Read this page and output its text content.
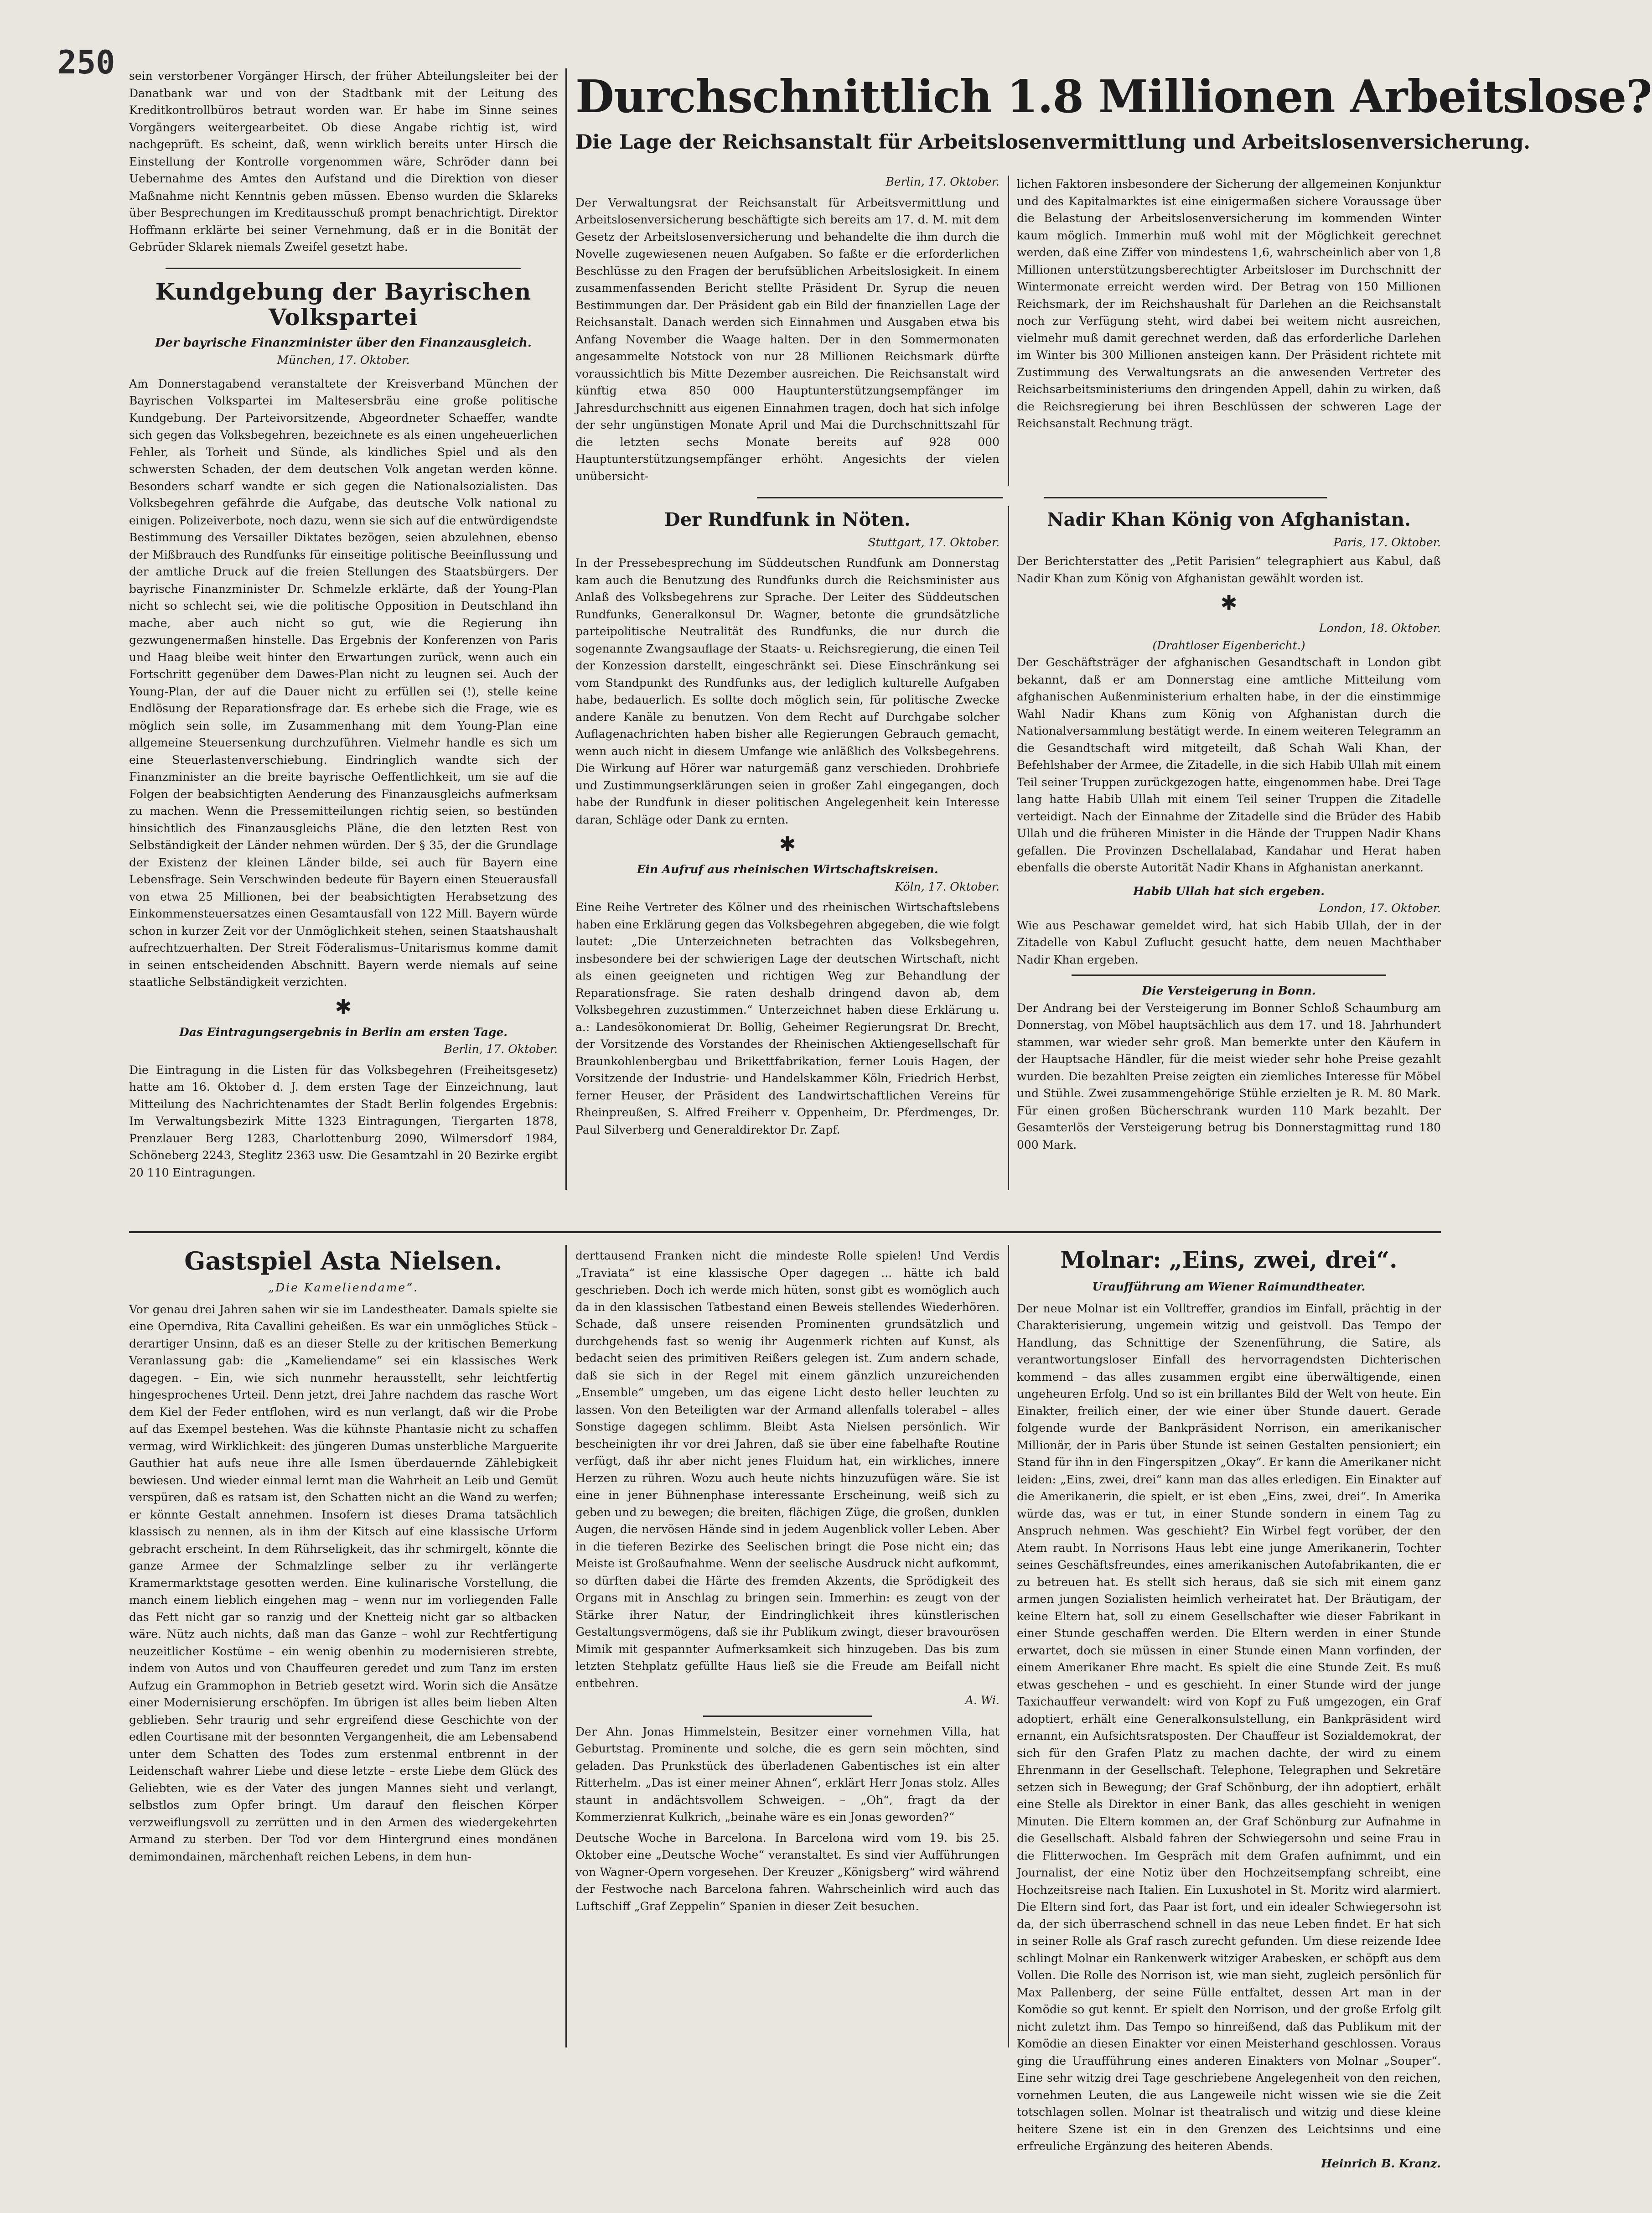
250 sein verstorbener Vorgänger Hirsch, der früher Abteilungsleiter bei der Danatbank war und von der Stadtbank mit der Leitung des Kreditkontrollbüros betraut worden war. Er habe im Sinne seines Vorgängers weitergearbeitet. Ob diese Angabe richtig ist, wird nachgeprüft. Es scheint, daß, wenn wirklich bereits unter Hirsch die Einstellung der Kontrolle vorgenommen wäre, Schröder dann bei Uebernahme des Amtes den Aufstand und die Direktion von dieser Maßnahme nicht Kenntnis geben müssen. Ebenso wurden die Sklareks über Besprechungen im Kreditausschuß prompt benachrichtigt. Direktor Hoffmann erklärte bei seiner Vernehmung, daß er in die Bonität der Gebrüder Sklarek niemals Zweifel gesetzt habe.
Kundgebung der Bayrischen Volkspartei
Der bayrische Finanzminister über den Finanzausgleich.
München, 17. Oktober.
Am Donnerstagabend veranstaltete der Kreisverband München der Bayrischen Volkspartei im Maltesersbräu eine große politische Kundgebung. Der Parteivorsitzende, Abgeordneter Schaeffer, wandte sich gegen das Volksbegehren, bezeichnete es als einen ungeheuerlichen Fehler, als Torheit und Sünde, als kindliches Spiel und als den schwersten Schaden, der dem deutschen Volk angetan werden könne. Besonders scharf wandte er sich gegen die Nationalsozialisten. Das Volksbegehren gefährde die Aufgabe, das deutsche Volk national zu einigen. Polizeiverbote, noch dazu, wenn sie sich auf die entwürdigendste Bestimmung des Versailler Diktates bezögen, seien abzulehnen, ebenso der Mißbrauch des Rundfunks für einseitige politische Beeinflussung und der amtliche Druck auf die freien Stellungen des Staatsbürgers. Der bayrische Finanzminister Dr. Schmelzle erklärte, daß der Young-Plan nicht so schlecht sei, wie die politische Opposition in Deutschland ihn mache, aber auch nicht so gut, wie die Regierung ihn gezwungenermaßen hinstelle. Das Ergebnis der Konferenzen von Paris und Haag bleibe weit hinter den Erwartungen zurück, wenn auch ein Fortschritt gegenüber dem Dawes-Plan nicht zu leugnen sei. Auch der Young-Plan, der auf die Dauer nicht zu erfüllen sei (!), stelle keine Endlösung der Reparationsfrage dar. Es erhebe sich die Frage, wie es möglich sein solle, im Zusammenhang mit dem Young-Plan eine allgemeine Steuersenkung durchzuführen. Vielmehr handle es sich um eine Steuerlastenverschiebung. Eindringlich wandte sich der Finanzminister an die breite bayrische Oeffentlichkeit, um sie auf die Folgen der beabsichtigten Aenderung des Finanzausgleichs aufmerksam zu machen. Wenn die Pressemitteilungen richtig seien, so bestünden hinsichtlich des Finanzausgleichs Pläne, die den letzten Rest von Selbständigkeit der Länder nehmen würden. Der § 35, der die Grundlage der Existenz der kleinen Länder bilde, sei auch für Bayern eine Lebensfrage. Sein Verschwinden bedeute für Bayern einen Steuerausfall von etwa 25 Millionen, bei der beabsichtigten Herabsetzung des Einkommensteuersatzes einen Gesamtausfall von 122 Mill. Bayern würde schon in kurzer Zeit vor der Unmöglichkeit stehen, seinen Staatshaushalt aufrechtzuerhalten. Der Streit Föderalismus–Unitarismus komme damit in seinen entscheidenden Abschnitt. Bayern werde niemals auf seine staatliche Selbständigkeit verzichten.
✱
Das Eintragungsergebnis in Berlin am ersten Tage.
Berlin, 17. Oktober.
Die Eintragung in die Listen für das Volksbegehren (Freiheitsgesetz) hatte am 16. Oktober d. J. dem ersten Tage der Einzeichnung, laut Mitteilung des Nachrichtenamtes der Stadt Berlin folgendes Ergebnis: Im Verwaltungsbezirk Mitte 1323 Eintragungen, Tiergarten 1878, Prenzlauer Berg 1283, Charlottenburg 2090, Wilmersdorf 1984, Schöneberg 2243, Steglitz 2363 usw. Die Gesamtzahl in 20 Bezirke ergibt 20 110 Eintragungen.
Durchschnittlich 1.8 Millionen Arbeitslose?
Die Lage der Reichsanstalt für Arbeitslosenvermittlung und Arbeitslosenversicherung.
Berlin, 17. Oktober.
Der Verwaltungsrat der Reichsanstalt für Arbeitsvermittlung und Arbeitslosenversicherung beschäftigte sich bereits am 17. d. M. mit dem Gesetz der Arbeitslosenversicherung und behandelte die ihm durch die Novelle zugewiesenen neuen Aufgaben. So faßte er die erforderlichen Beschlüsse zu den Fragen der berufsüblichen Arbeitslosigkeit. In einem zusammenfassenden Bericht stellte Präsident Dr. Syrup die neuen Bestimmungen dar. Der Präsident gab ein Bild der finanziellen Lage der Reichsanstalt. Danach werden sich Einnahmen und Ausgaben etwa bis Anfang November die Waage halten. Der in den Sommermonaten angesammelte Notstock von nur 28 Millionen Reichsmark dürfte voraussichtlich bis Mitte Dezember ausreichen. Die Reichsanstalt wird künftig etwa 850 000 Hauptunterstützungsempfänger im Jahresdurchschnitt aus eigenen Einnahmen tragen, doch hat sich infolge der sehr ungünstigen Monate April und Mai die Durchschnittszahl für die letzten sechs Monate bereits auf 928 000 Hauptunterstützungsempfänger erhöht. Angesichts der vielen unübersicht-
lichen Faktoren insbesondere der Sicherung der allgemeinen Konjunktur und des Kapitalmarktes ist eine einigermaßen sichere Voraussage über die Belastung der Arbeitslosenversicherung im kommenden Winter kaum möglich. Immerhin muß wohl mit der Möglichkeit gerechnet werden, daß eine Ziffer von mindestens 1,6, wahrscheinlich aber von 1,8 Millionen unterstützungsberechtigter Arbeitsloser im Durchschnitt der Wintermonate erreicht werden wird. Der Betrag von 150 Millionen Reichsmark, der im Reichshaushalt für Darlehen an die Reichsanstalt noch zur Verfügung steht, wird dabei bei weitem nicht ausreichen, vielmehr muß damit gerechnet werden, daß das erforderliche Darlehen im Winter bis 300 Millionen ansteigen kann. Der Präsident richtete mit Zustimmung des Verwaltungsrats an die anwesenden Vertreter des Reichsarbeitsministeriums den dringenden Appell, dahin zu wirken, daß die Reichsregierung bei ihren Beschlüssen der schweren Lage der Reichsanstalt Rechnung trägt.
Der Rundfunk in Nöten.
Stuttgart, 17. Oktober.
In der Pressebesprechung im Süddeutschen Rundfunk am Donnerstag kam auch die Benutzung des Rundfunks durch die Reichsminister aus Anlaß des Volksbegehrens zur Sprache. Der Leiter des Süddeutschen Rundfunks, Generalkonsul Dr. Wagner, betonte die grundsätzliche parteipolitische Neutralität des Rundfunks, die nur durch die sogenannte Zwangsauflage der Staats- u. Reichsregierung, die einen Teil der Konzession darstellt, eingeschränkt sei. Diese Einschränkung sei vom Standpunkt des Rundfunks aus, der lediglich kulturelle Aufgaben habe, bedauerlich. Es sollte doch möglich sein, für politische Zwecke andere Kanäle zu benutzen. Von dem Recht auf Durchgabe solcher Auflagenachrichten haben bisher alle Regierungen Gebrauch gemacht, wenn auch nicht in diesem Umfange wie anläßlich des Volksbegehrens. Die Wirkung auf Hörer war naturgemäß ganz verschieden. Drohbriefe und Zustimmungserklärungen seien in großer Zahl eingegangen, doch habe der Rundfunk in dieser politischen Angelegenheit kein Interesse daran, Schläge oder Dank zu ernten.
✱
Ein Aufruf aus rheinischen Wirtschaftskreisen.
Köln, 17. Oktober.
Eine Reihe Vertreter des Kölner und des rheinischen Wirtschaftslebens haben eine Erklärung gegen das Volksbegehren abgegeben, die wie folgt lautet: „Die Unterzeichneten betrachten das Volksbegehren, insbesondere bei der schwierigen Lage der deutschen Wirtschaft, nicht als einen geeigneten und richtigen Weg zur Behandlung der Reparationsfrage. Sie raten deshalb dringend davon ab, dem Volksbegehren zuzustimmen.“ Unterzeichnet haben diese Erklärung u. a.: Landesökonomierat Dr. Bollig, Geheimer Regierungsrat Dr. Brecht, der Vorsitzende des Vorstandes der Rheinischen Aktiengesellschaft für Braunkohlenbergbau und Brikettfabrikation, ferner Louis Hagen, der Vorsitzende der Industrie- und Handelskammer Köln, Friedrich Herbst, ferner Heuser, der Präsident des Landwirtschaftlichen Vereins für Rheinpreußen, S. Alfred Freiherr v. Oppenheim, Dr. Pferdmenges, Dr. Paul Silverberg und Generaldirektor Dr. Zapf.
Nadir Khan König von Afghanistan.
Paris, 17. Oktober.
Der Berichterstatter des „Petit Parisien“ telegraphiert aus Kabul, daß Nadir Khan zum König von Afghanistan gewählt worden ist.
✱
London, 18. Oktober.
(Drahtloser Eigenbericht.)
Der Geschäftsträger der afghanischen Gesandtschaft in London gibt bekannt, daß er am Donnerstag eine amtliche Mitteilung vom afghanischen Außenministerium erhalten habe, in der die einstimmige Wahl Nadir Khans zum König von Afghanistan durch die Nationalversammlung bestätigt werde. In einem weiteren Telegramm an die Gesandtschaft wird mitgeteilt, daß Schah Wali Khan, der Befehlshaber der Armee, die Zitadelle, in die sich Habib Ullah mit einem Teil seiner Truppen zurückgezogen hatte, eingenommen habe. Drei Tage lang hatte Habib Ullah mit einem Teil seiner Truppen die Zitadelle verteidigt. Nach der Einnahme der Zitadelle sind die Brüder des Habib Ullah und die früheren Minister in die Hände der Truppen Nadir Khans gefallen. Die Provinzen Dschellalabad, Kandahar und Herat haben ebenfalls die oberste Autorität Nadir Khans in Afghanistan anerkannt.
Habib Ullah hat sich ergeben.
London, 17. Oktober.
Wie aus Peschawar gemeldet wird, hat sich Habib Ullah, der in der Zitadelle von Kabul Zuflucht gesucht hatte, dem neuen Machthaber Nadir Khan ergeben.
Die Versteigerung in Bonn.
Der Andrang bei der Versteigerung im Bonner Schloß Schaumburg am Donnerstag, von Möbel hauptsächlich aus dem 17. und 18. Jahrhundert stammen, war wieder sehr groß. Man bemerkte unter den Käufern in der Hauptsache Händler, für die meist wieder sehr hohe Preise gezahlt wurden. Die bezahlten Preise zeigten ein ziemliches Interesse für Möbel und Stühle. Zwei zusammengehörige Stühle erzielten je R. M. 80 Mark. Für einen großen Bücherschrank wurden 110 Mark bezahlt. Der Gesamterlös der Versteigerung betrug bis Donnerstagmittag rund 180 000 Mark.
Gastspiel Asta Nielsen.
„Die Kameliendame“.
Vor genau drei Jahren sahen wir sie im Landestheater. Damals spielte sie eine Operndiva, Rita Cavallini geheißen. Es war ein unmögliches Stück – derartiger Unsinn, daß es an dieser Stelle zu der kritischen Bemerkung Veranlassung gab: die „Kameliendame“ sei ein klassisches Werk dagegen. – Ein, wie sich nunmehr herausstellt, sehr leichtfertig hingesprochenes Urteil. Denn jetzt, drei Jahre nachdem das rasche Wort dem Kiel der Feder entflohen, wird es nun verlangt, daß wir die Probe auf das Exempel bestehen. Was die kühnste Phantasie nicht zu schaffen vermag, wird Wirklichkeit: des jüngeren Dumas unsterbliche Marguerite Gauthier hat aufs neue ihre alle Ismen überdauernde Zählebigkeit bewiesen. Und wieder einmal lernt man die Wahrheit an Leib und Gemüt verspüren, daß es ratsam ist, den Schatten nicht an die Wand zu werfen; er könnte Gestalt annehmen. Insofern ist dieses Drama tatsächlich klassisch zu nennen, als in ihm der Kitsch auf eine klassische Urform gebracht erscheint. In dem Rührseligkeit, das ihr schmirgelt, könnte die ganze Armee der Schmalzlinge selber zu ihr verlängerte Kramermarktstage gesotten werden. Eine kulinarische Vorstellung, die manch einem lieblich eingehen mag – wenn nur im vorliegenden Falle das Fett nicht gar so ranzig und der Knetteig nicht gar so altbacken wäre. Nütz auch nichts, daß man das Ganze – wohl zur Rechtfertigung neuzeitlicher Kostüme – ein wenig obenhin zu modernisieren strebte, indem von Autos und von Chauffeuren geredet und zum Tanz im ersten Aufzug ein Grammophon in Betrieb gesetzt wird. Worin sich die Ansätze einer Modernisierung erschöpfen. Im übrigen ist alles beim lieben Alten geblieben. Sehr traurig und sehr ergreifend diese Geschichte von der edlen Courtisane mit der besonnten Vergangenheit, die am Lebensabend unter dem Schatten des Todes zum erstenmal entbrennt in der Leidenschaft wahrer Liebe und diese letzte – erste Liebe dem Glück des Geliebten, wie es der Vater des jungen Mannes sieht und verlangt, selbstlos zum Opfer bringt. Um darauf den fleischen Körper verzweiflungsvoll zu zerrütten und in den Armen des wiedergekehrten Armand zu sterben. Der Tod vor dem Hintergrund eines mondänen demimondainen, märchenhaft reichen Lebens, in dem hun-
derttausend Franken nicht die mindeste Rolle spielen! Und Verdis „Traviata“ ist eine klassische Oper dagegen ... hätte ich bald geschrieben. Doch ich werde mich hüten, sonst gibt es womöglich auch da in den klassischen Tatbestand einen Beweis stellendes Wiederhören. Schade, daß unsere reisenden Prominenten grundsätzlich und durchgehends fast so wenig ihr Augenmerk richten auf Kunst, als bedacht seien des primitiven Reißers gelegen ist. Zum andern schade, daß sie sich in der Regel mit einem gänzlich unzureichenden „Ensemble“ umgeben, um das eigene Licht desto heller leuchten zu lassen. Von den Beteiligten war der Armand allenfalls tolerabel – alles Sonstige dagegen schlimm. Bleibt Asta Nielsen persönlich. Wir bescheinigten ihr vor drei Jahren, daß sie über eine fabelhafte Routine verfügt, daß ihr aber nicht jenes Fluidum hat, ein wirkliches, innere Herzen zu rühren. Wozu auch heute nichts hinzuzufügen wäre. Sie ist eine in jener Bühnenphase interessante Erscheinung, weiß sich zu geben und zu bewegen; die breiten, flächigen Züge, die großen, dunklen Augen, die nervösen Hände sind in jedem Augenblick voller Leben. Aber in die tieferen Bezirke des Seelischen bringt die Pose nicht ein; das Meiste ist Großaufnahme. Wenn der seelische Ausdruck nicht aufkommt, so dürften dabei die Härte des fremden Akzents, die Sprödigkeit des Organs mit in Anschlag zu bringen sein. Immerhin: es zeugt von der Stärke ihrer Natur, der Eindringlichkeit ihres künstlerischen Gestaltungsvermögens, daß sie ihr Publikum zwingt, dieser bravourösen Mimik mit gespannter Aufmerksamkeit sich hinzugeben. Das bis zum letzten Stehplatz gefüllte Haus ließ sie die Freude am Beifall nicht entbehren.
A. Wi.
Der Ahn. Jonas Himmelstein, Besitzer einer vornehmen Villa, hat Geburtstag. Prominente und solche, die es gern sein möchten, sind geladen. Das Prunkstück des überladenen Gabentisches ist ein alter Ritterhelm. „Das ist einer meiner Ahnen“, erklärt Herr Jonas stolz. Alles staunt in andächtsvollem Schweigen. – „Oh“, fragt da der Kommerzienrat Kulkrich, „beinahe wäre es ein Jonas geworden?“
Deutsche Woche in Barcelona. In Barcelona wird vom 19. bis 25. Oktober eine „Deutsche Woche“ veranstaltet. Es sind vier Aufführungen von Wagner-Opern vorgesehen. Der Kreuzer „Königsberg“ wird während der Festwoche nach Barcelona fahren. Wahrscheinlich wird auch das Luftschiff „Graf Zeppelin“ Spanien in dieser Zeit besuchen.
Molnar: „Eins, zwei, drei“.
Uraufführung am Wiener Raimundtheater.
Der neue Molnar ist ein Volltreffer, grandios im Einfall, prächtig in der Charakterisierung, ungemein witzig und geistvoll. Das Tempo der Handlung, das Schnittige der Szenenführung, die Satire, als verantwortungsloser Einfall des hervorragendsten Dichterischen kommend – das alles zusammen ergibt eine überwältigende, einen ungeheuren Erfolg. Und so ist ein brillantes Bild der Welt von heute. Ein Einakter, freilich einer, der wie einer über Stunde dauert. Gerade folgende wurde der Bankpräsident Norrison, ein amerikanischer Millionär, der in Paris über Stunde ist seinen Gestalten pensioniert; ein Stand für ihn in den Fingerspitzen „Okay“. Er kann die Amerikaner nicht leiden: „Eins, zwei, drei“ kann man das alles erledigen. Ein Einakter auf die Amerikanerin, die spielt, er ist eben „Eins, zwei, drei“. In Amerika würde das, was er tut, in einer Stunde sondern in einem Tag zu Anspruch nehmen. Was geschieht? Ein Wirbel fegt vorüber, der den Atem raubt. In Norrisons Haus lebt eine junge Amerikanerin, Tochter seines Geschäftsfreundes, eines amerikanischen Autofabrikanten, die er zu betreuen hat. Es stellt sich heraus, daß sie sich mit einem ganz armen jungen Sozialisten heimlich verheiratet hat. Der Bräutigam, der keine Eltern hat, soll zu einem Gesellschafter wie dieser Fabrikant in einer Stunde geschaffen werden. Die Eltern werden in einer Stunde erwartet, doch sie müssen in einer Stunde einen Mann vorfinden, der einem Amerikaner Ehre macht. Es spielt die eine Stunde Zeit. Es muß etwas geschehen – und es geschieht. In einer Stunde wird der junge Taxichauffeur verwandelt: wird von Kopf zu Fuß umgezogen, ein Graf adoptiert, erhält eine Generalkonsulstellung, ein Bankpräsident wird ernannt, ein Aufsichtsratsposten. Der Chauffeur ist Sozialdemokrat, der sich für den Grafen Platz zu machen dachte, der wird zu einem Ehrenmann in der Gesellschaft. Telephone, Telegraphen und Sekretäre setzen sich in Bewegung; der Graf Schönburg, der ihn adoptiert, erhält eine Stelle als Direktor in einer Bank, das alles geschieht in wenigen Minuten. Die Eltern kommen an, der Graf Schönburg zur Aufnahme in die Gesellschaft. Alsbald fahren der Schwiegersohn und seine Frau in die Flitterwochen. Im Gespräch mit dem Grafen aufnimmt, und ein Journalist, der eine Notiz über den Hochzeitsempfang schreibt, eine Hochzeitsreise nach Italien. Ein Luxushotel in St. Moritz wird alarmiert. Die Eltern sind fort, das Paar ist fort, und ein idealer Schwiegersohn ist da, der sich überraschend schnell in das neue Leben findet. Er hat sich in seiner Rolle als Graf rasch zurecht gefunden. Um diese reizende Idee schlingt Molnar ein Rankenwerk witziger Arabesken, er schöpft aus dem Vollen. Die Rolle des Norrison ist, wie man sieht, zugleich persönlich für Max Pallenberg, der seine Fülle entfaltet, dessen Art man in der Komödie so gut kennt. Er spielt den Norrison, und der große Erfolg gilt nicht zuletzt ihm. Das Tempo so hinreißend, daß das Publikum mit der Komödie an diesen Einakter vor einen Meisterhand geschlossen. Voraus ging die Uraufführung eines anderen Einakters von Molnar „Souper“. Eine sehr witzig drei Tage geschriebene Angelegenheit von den reichen, vornehmen Leuten, die aus Langeweile nicht wissen wie sie die Zeit totschlagen sollen. Molnar ist theatralisch und witzig und diese kleine heitere Szene ist ein in den Grenzen des Leichtsinns und eine erfreuliche Ergänzung des heiteren Abends.
Heinrich B. Kranz.
